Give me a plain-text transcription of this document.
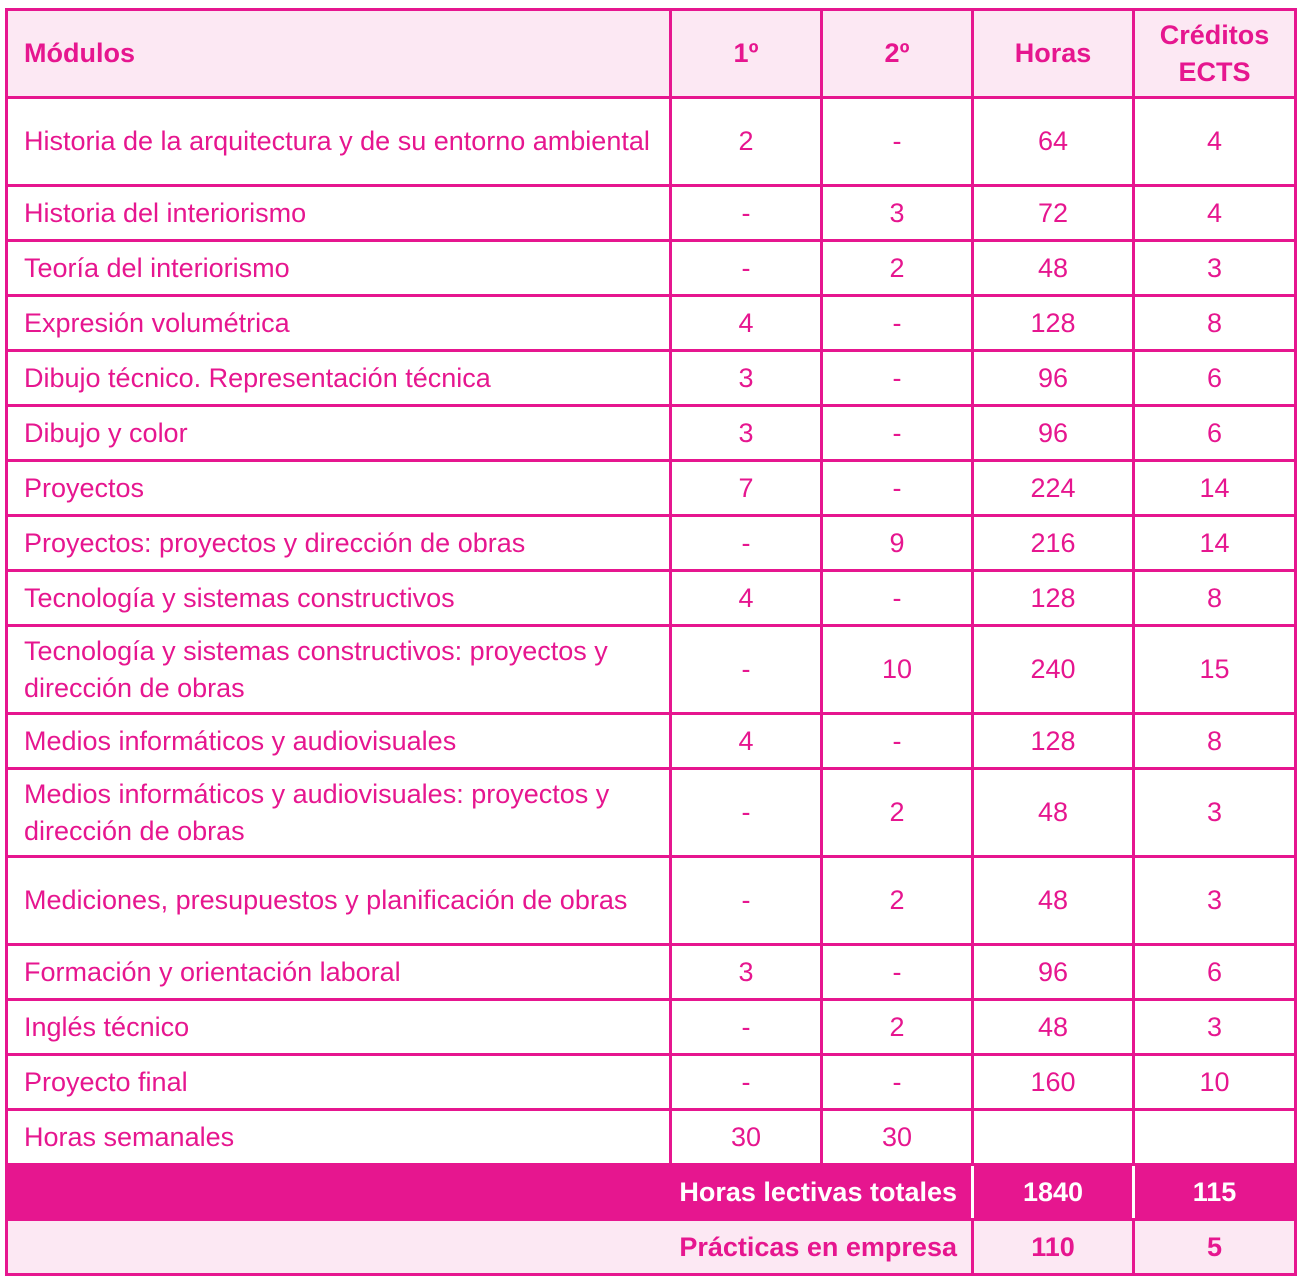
Módulos	1º	2º	Horas	Créditos
ECTS
Historia de la arquitectura y de su entorno ambiental	2	-	64	4
Historia del interiorismo	-	3	72	4
Teoría del interiorismo	-	2	48	3
Expresión volumétrica	4	-	128	8
Dibujo técnico. Representación técnica	3	-	96	6
Dibujo y color	3	-	96	6
Proyectos	7	-	224	14
Proyectos: proyectos y dirección de obras	-	9	216	14
Tecnología y sistemas constructivos	4	-	128	8
Tecnología y sistemas constructivos: proyectos y dirección de obras	-	10	240	15
Medios informáticos y audiovisuales	4	-	128	8
Medios informáticos y audiovisuales: proyectos y dirección de obras	-	2	48	3
Mediciones, presupuestos y planificación de obras	-	2	48	3
Formación y orientación laboral	3	-	96	6
Inglés técnico	-	2	48	3
Proyecto final	-	-	160	10
Horas semanales	30	30		
Horas lectivas totales			1840	115
Prácticas en empresa			110	5
